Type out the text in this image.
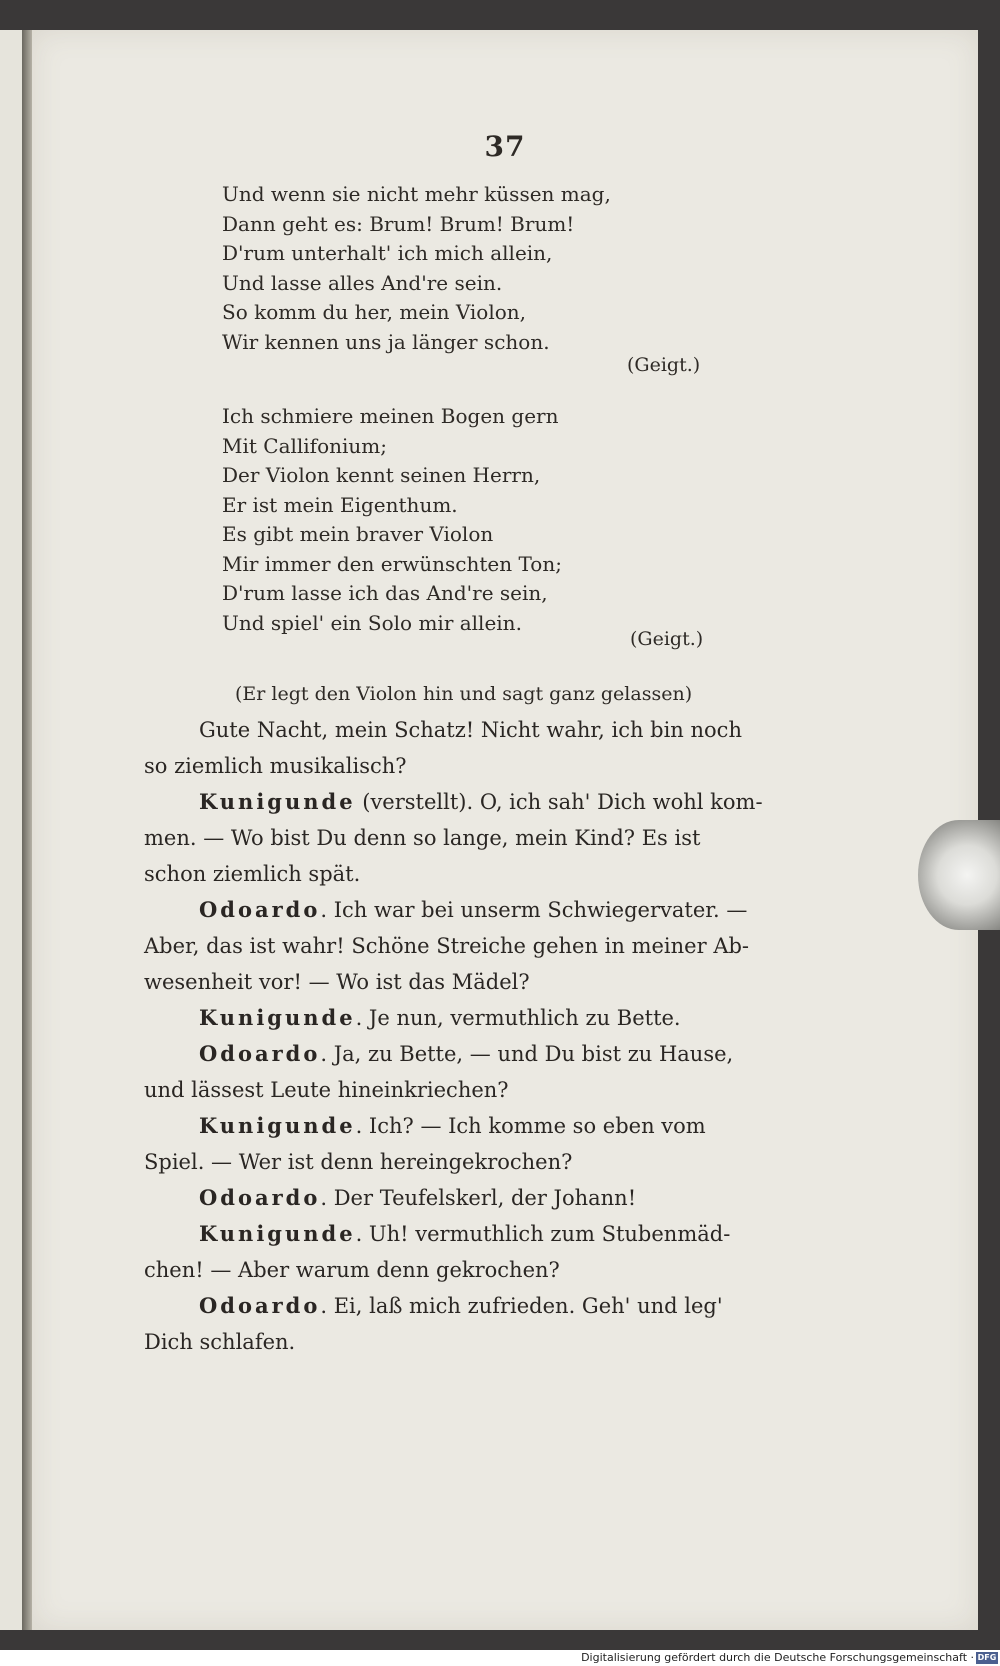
37
Und wenn sie nicht mehr küssen mag,
Dann geht es: Brum! Brum! Brum!
D'rum unterhalt' ich mich allein,
Und lasse alles And're sein.
So komm du her, mein Violon,
Wir kennen uns ja länger schon.
(Geigt.)
Ich schmiere meinen Bogen gern
Mit Callifonium;
Der Violon kennt seinen Herrn,
Er ist mein Eigenthum.
Es gibt mein braver Violon
Mir immer den erwünschten Ton;
D'rum lasse ich das And're sein,
Und spiel' ein Solo mir allein.
(Geigt.)
(Er legt den Violon hin und sagt ganz gelassen)
Gute Nacht, mein Schatz! Nicht wahr, ich bin noch
so ziemlich musikalisch?
Kunigunde (verstellt). O, ich sah' Dich wohl kom-
men. — Wo bist Du denn so lange, mein Kind? Es ist
schon ziemlich spät.
Odoardo. Ich war bei unserm Schwiegervater. —
Aber, das ist wahr! Schöne Streiche gehen in meiner Ab-
wesenheit vor! — Wo ist das Mädel?
Kunigunde. Je nun, vermuthlich zu Bette.
Odoardo. Ja, zu Bette, — und Du bist zu Hause,
und lässest Leute hineinkriechen?
Kunigunde. Ich? — Ich komme so eben vom
Spiel. — Wer ist denn hereingekrochen?
Odoardo. Der Teufelskerl, der Johann!
Kunigunde. Uh! vermuthlich zum Stubenmäd-
chen! — Aber warum denn gekrochen?
Odoardo. Ei, laß mich zufrieden. Geh' und leg'
Dich schlafen.
Digitalisierung gefördert durch die Deutsche Forschungsgemeinschaft · DFG
